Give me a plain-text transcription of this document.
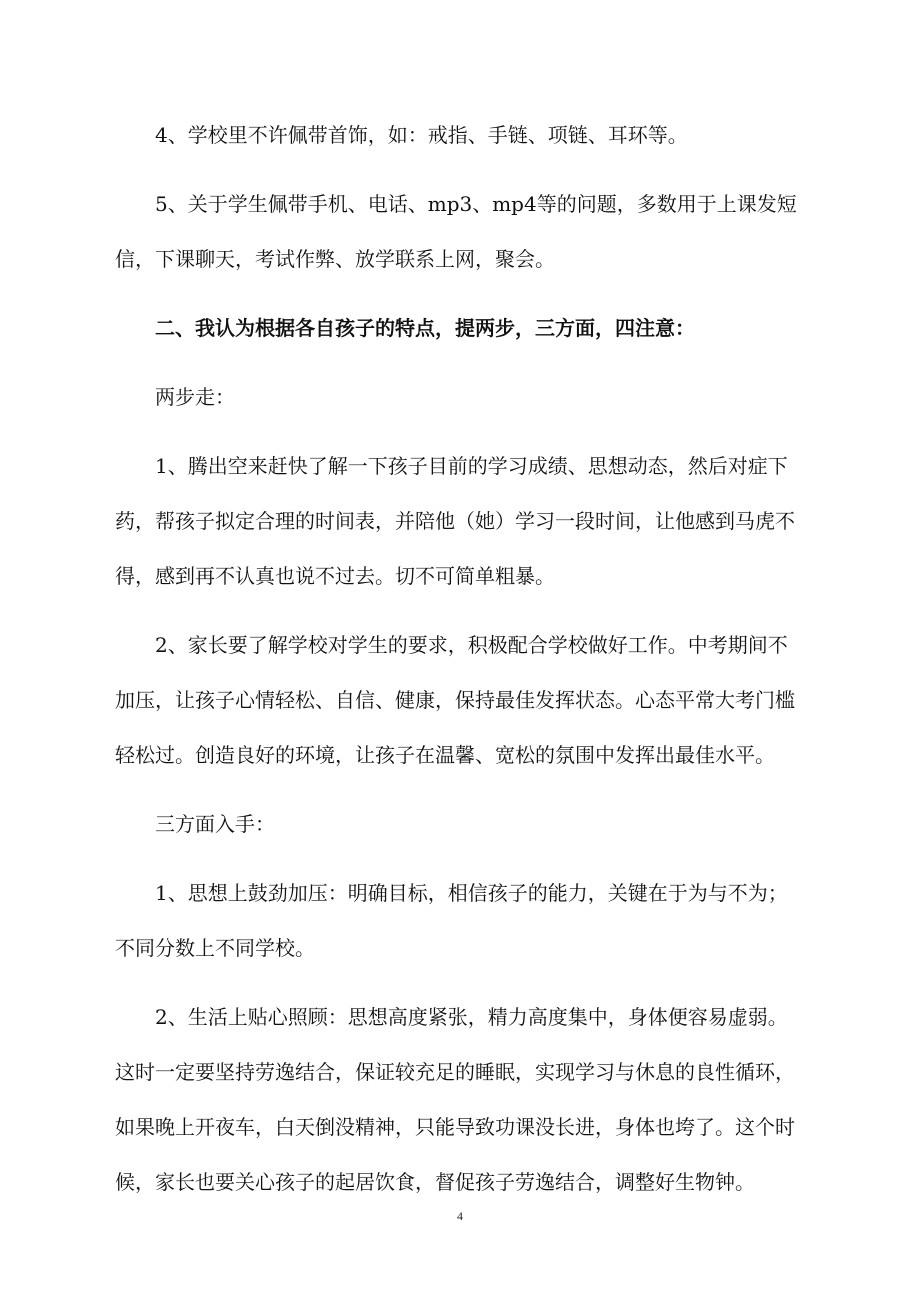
4、学校里不许佩带首饰，如：戒指、手链、项链、耳环等。

5、关于学生佩带手机、电话、mp3、mp4等的问题，多数用于上课发短信，下课聊天，考试作弊、放学联系上网，聚会。

二、我认为根据各自孩子的特点，提两步，三方面，四注意：

两步走：

1、腾出空来赶快了解一下孩子目前的学习成绩、思想动态，然后对症下药，帮孩子拟定合理的时间表，并陪他（她）学习一段时间，让他感到马虎不得，感到再不认真也说不过去。切不可简单粗暴。

2、家长要了解学校对学生的要求，积极配合学校做好工作。中考期间不加压，让孩子心情轻松、自信、健康，保持最佳发挥状态。心态平常大考门槛轻松过。创造良好的环境，让孩子在温馨、宽松的氛围中发挥出最佳水平。

三方面入手：

1、思想上鼓劲加压：明确目标，相信孩子的能力，关键在于为与不为；不同分数上不同学校。

2、生活上贴心照顾：思想高度紧张，精力高度集中，身体便容易虚弱。这时一定要坚持劳逸结合，保证较充足的睡眠，实现学习与休息的良性循环，如果晚上开夜车，白天倒没精神，只能导致功课没长进，身体也垮了。这个时候，家长也要关心孩子的起居饮食，督促孩子劳逸结合，调整好生物钟。

4
